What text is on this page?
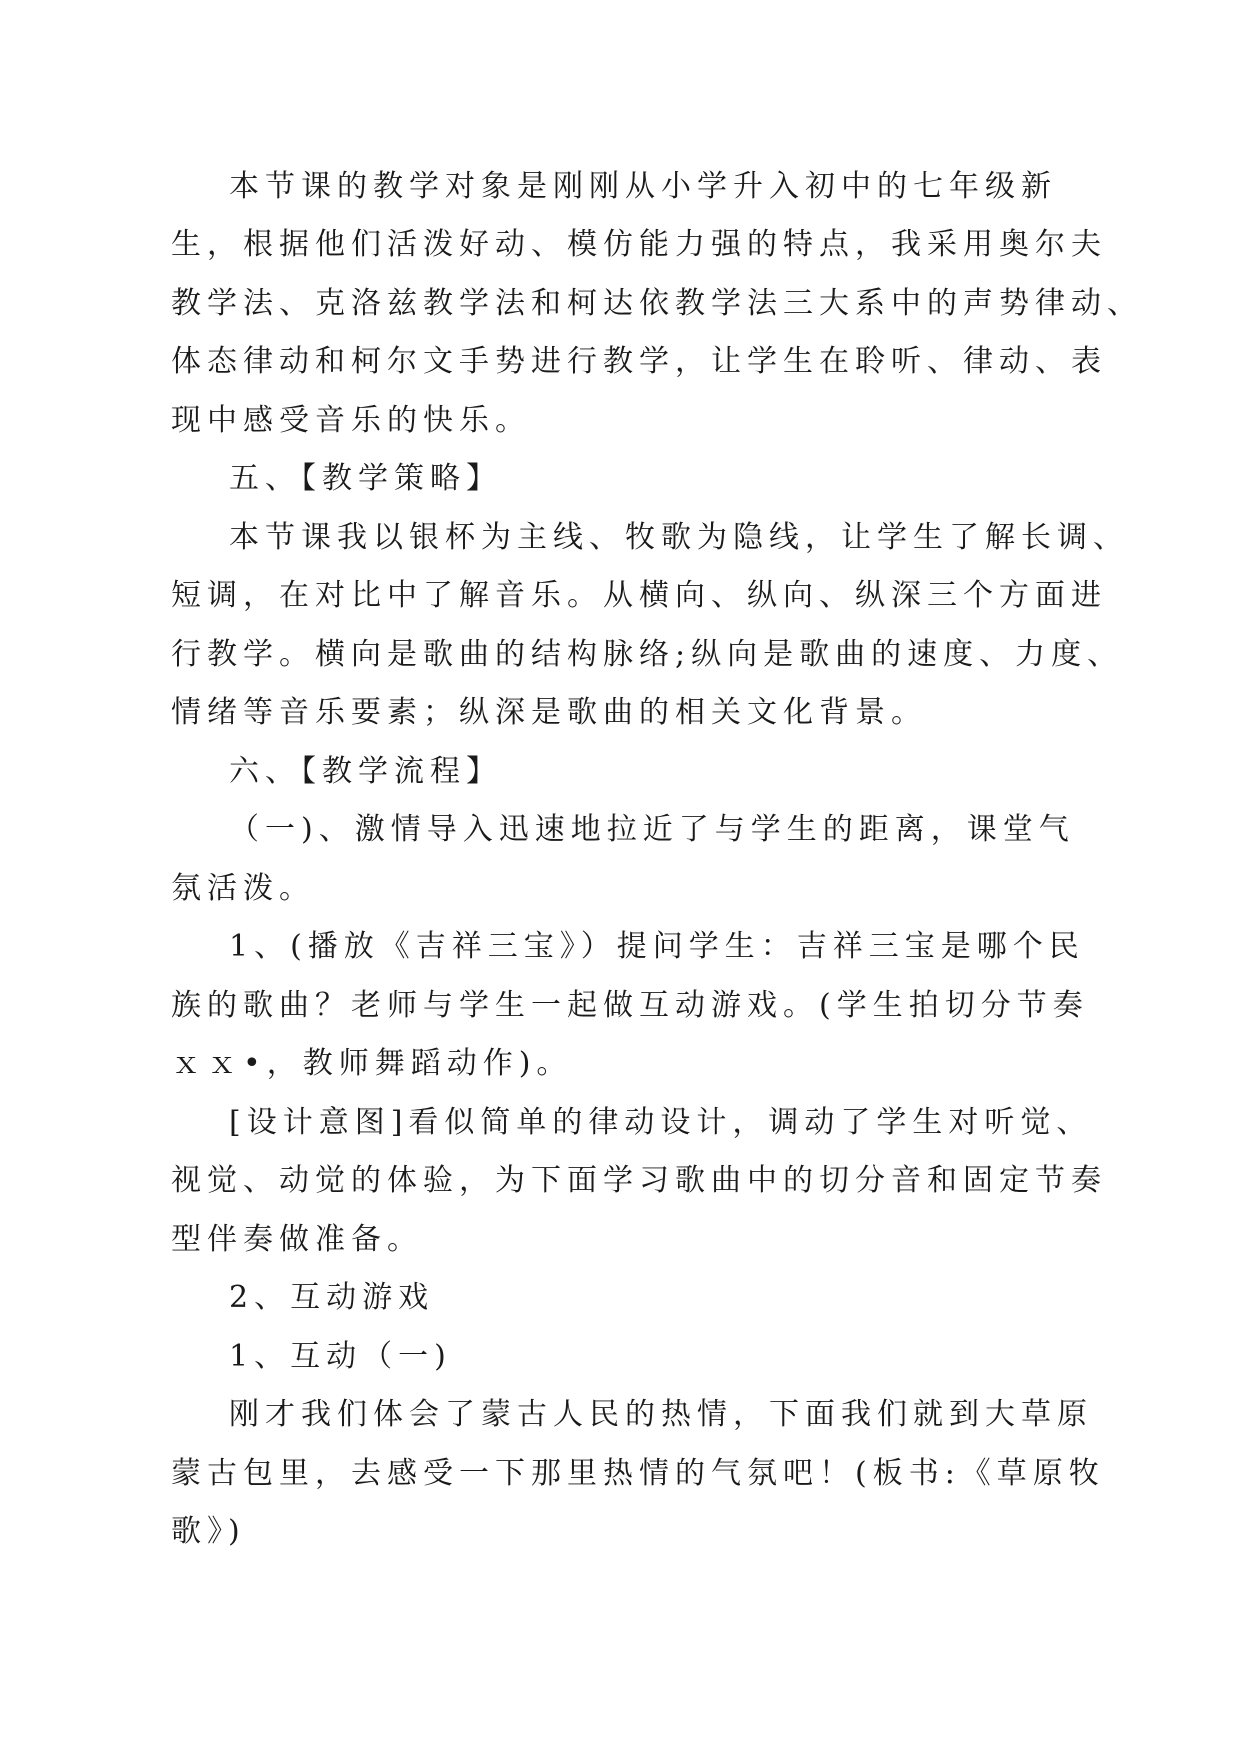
本节课的教学对象是刚刚从小学升入初中的七年级新
生，根据他们活泼好动、模仿能力强的特点，我采用奥尔夫
教学法、克洛兹教学法和柯达依教学法三大系中的声势律动、
体态律动和柯尔文手势进行教学，让学生在聆听、律动、表
现中感受音乐的快乐。
五、【教学策略】
本节课我以银杯为主线、牧歌为隐线，让学生了解长调、
短调，在对比中了解音乐。从横向、纵向、纵深三个方面进
行教学。横向是歌曲的结构脉络;纵向是歌曲的速度、力度、
情绪等音乐要素；纵深是歌曲的相关文化背景。
六、【教学流程】
（一)、激情导入迅速地拉近了与学生的距离，课堂气
氛活泼。
1、(播放《吉祥三宝》）提问学生：吉祥三宝是哪个民
族的歌曲？老师与学生一起做互动游戏。(学生拍切分节奏
ｘｘ•，教师舞蹈动作)。
[设计意图]看似简单的律动设计，调动了学生对听觉、
视觉、动觉的体验，为下面学习歌曲中的切分音和固定节奏
型伴奏做准备。
2、互动游戏
1、互动（一)
刚才我们体会了蒙古人民的热情，下面我们就到大草原
蒙古包里，去感受一下那里热情的气氛吧！(板书:《草原牧
歌》)
